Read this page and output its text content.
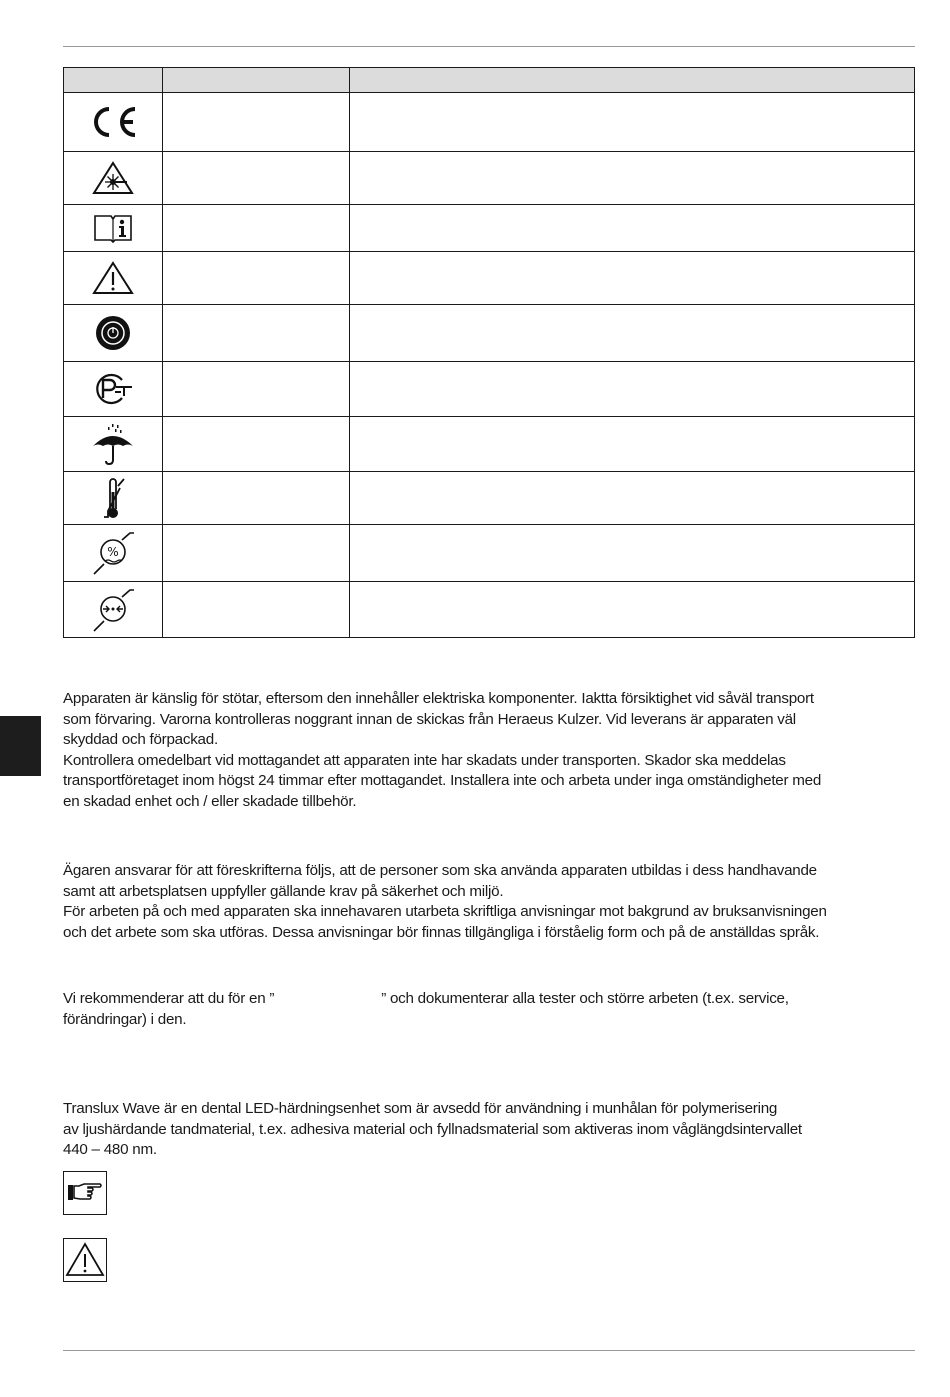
%		

Apparaten är känslig för stötar, eftersom den innehåller elektriska komponenter. Iaktta försiktighet vid såväl transport
som förvaring. Varorna kontrolleras noggrant innan de skickas från Heraeus Kulzer. Vid leverans är apparaten väl
skyddad och förpackad.
Kontrollera omedelbart vid mottagandet att apparaten inte har skadats under transporten. Skador ska meddelas
transportföretaget inom högst 24 timmar efter mottagandet. Installera inte och arbeta under inga omständigheter med
en skadad enhet och / eller skadade tillbehör.

Ägaren ansvarar för att föreskrifterna följs, att de personer som ska använda apparaten utbildas i dess handhavande
samt att arbetsplatsen uppfyller gällande krav på säkerhet och miljö.
För arbeten på och med apparaten ska innehavaren utarbeta skriftliga anvisningar mot bakgrund av bruksanvisningen
och det arbete som ska utföras. Dessa anvisningar bör finnas tillgängliga i förståelig form och på de anställdas språk.

Vi rekommenderar att du för en ”	” och dokumenterar alla tester och större arbeten (t.ex. service,
förändringar) i den.

Translux Wave är en dental LED-härdningsenhet som är avsedd för användning i munhålan för polymerisering
av ljushärdande tandmaterial, t.ex. adhesiva material och fyllnadsmaterial som aktiveras inom våglängdsintervallet
440 – 480 nm.
